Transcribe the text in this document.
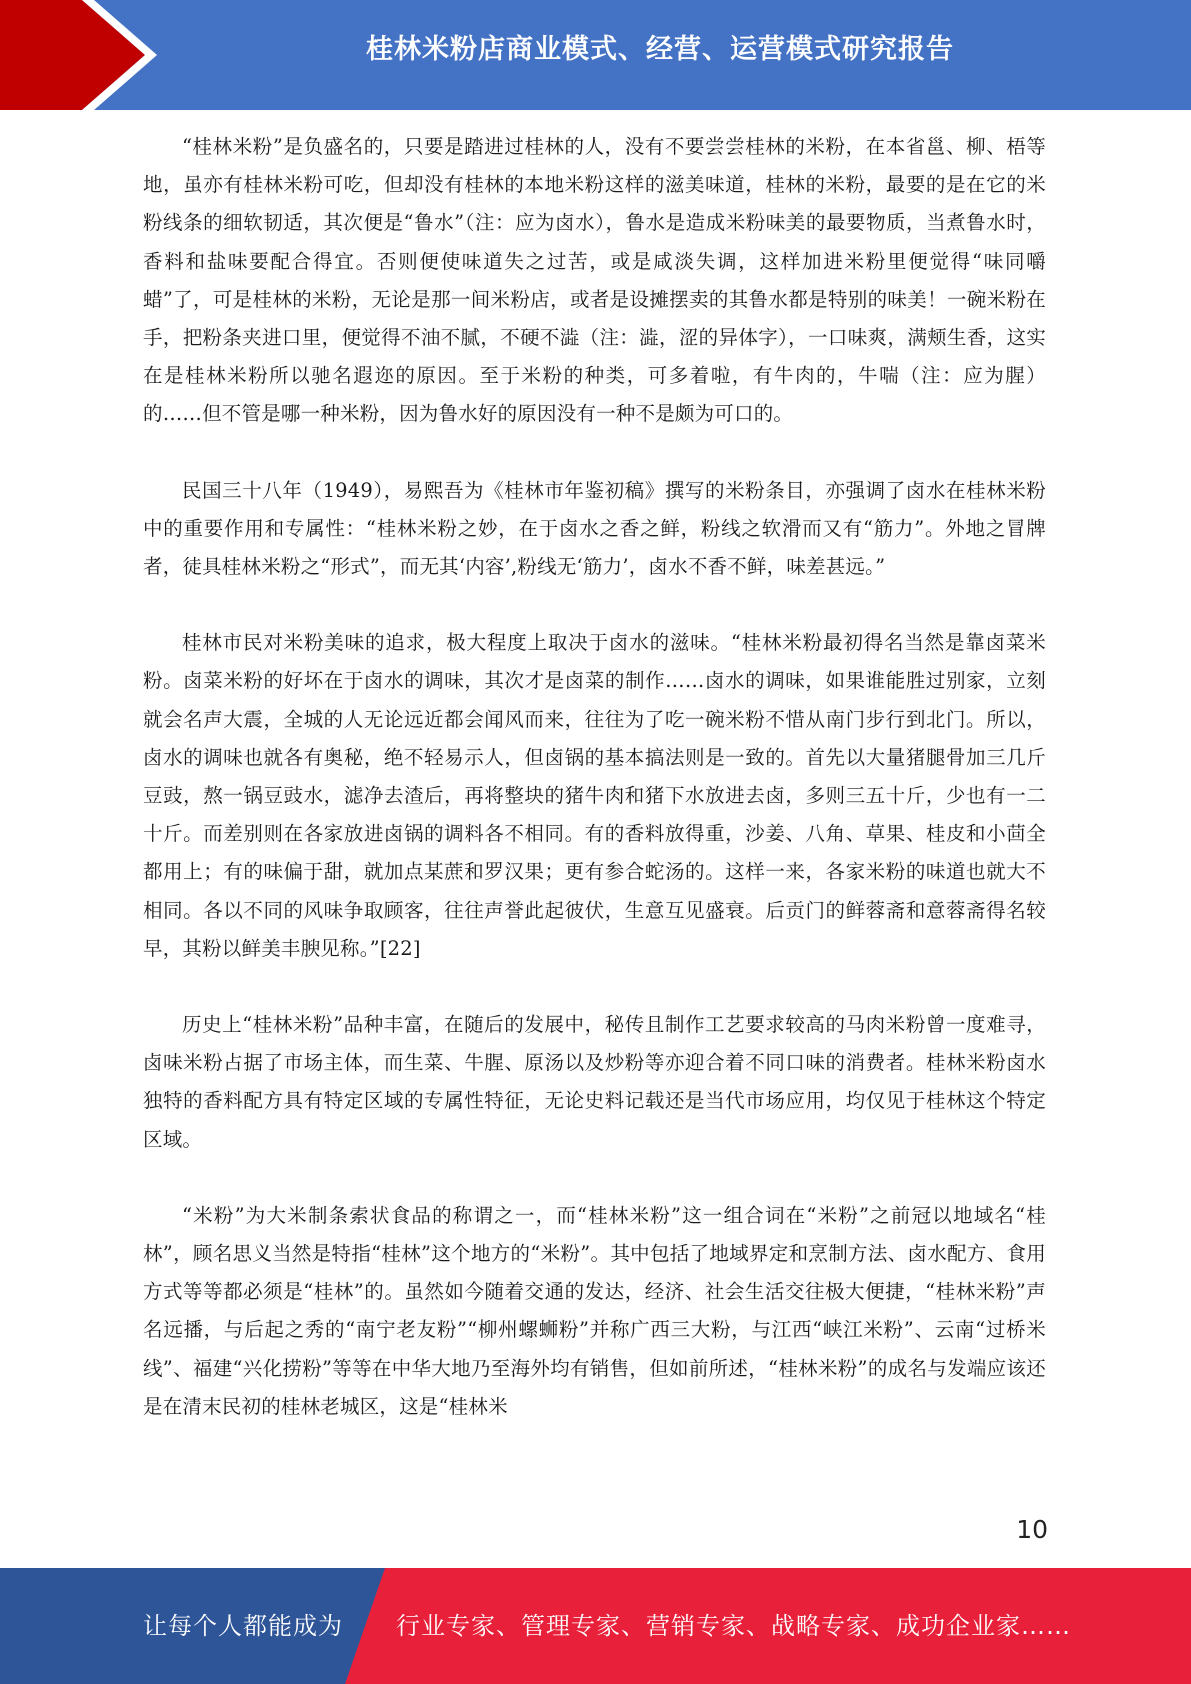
桂林米粉店商业模式、经营、运营模式研究报告

“桂林米粉”是负盛名的，只要是踏进过桂林的人，没有不要尝尝桂林的米粉，在本省邕、柳、梧等地，虽亦有桂林米粉可吃，但却没有桂林的本地米粉这样的滋美味道，桂林的米粉，最要的是在它的米粉线条的细软韧适，其次便是“鲁水”（注：应为卤水），鲁水是造成米粉味美的最要物质，当煮鲁水时，香料和盐味要配合得宜。否则便使味道失之过苦，或是咸淡失调，这样加进米粉里便觉得“味同嚼蜡”了，可是桂林的米粉，无论是那一间米粉店，或者是设摊摆卖的其鲁水都是特别的味美！一碗米粉在手，把粉条夹进口里，便觉得不油不腻，不硬不澁（注：澁，涩的异体字），一口味爽，满颊生香，这实在是桂林米粉所以驰名遐迩的原因。至于米粉的种类，可多着啦，有牛肉的，牛喘（注：应为腥）的……但不管是哪一种米粉，因为鲁水好的原因没有一种不是颇为可口的。

民国三十八年（1949），易熙吾为《桂林市年鉴初稿》撰写的米粉条目，亦强调了卤水在桂林米粉中的重要作用和专属性：“桂林米粉之妙，在于卤水之香之鲜，粉线之软滑而又有“筋力”。外地之冒牌者，徒具桂林米粉之“形式”，而无其‘内容’,粉线无‘筋力’，卤水不香不鲜，味差甚远。”

桂林市民对米粉美味的追求，极大程度上取决于卤水的滋味。“桂林米粉最初得名当然是靠卤菜米粉。卤菜米粉的好坏在于卤水的调味，其次才是卤菜的制作……卤水的调味，如果谁能胜过别家，立刻就会名声大震，全城的人无论远近都会闻风而来，往往为了吃一碗米粉不惜从南门步行到北门。所以，卤水的调味也就各有奥秘，绝不轻易示人，但卤锅的基本搞法则是一致的。首先以大量猪腿骨加三几斤豆豉，熬一锅豆豉水，滤净去渣后，再将整块的猪牛肉和猪下水放进去卤，多则三五十斤，少也有一二十斤。而差别则在各家放进卤锅的调料各不相同。有的香料放得重，沙姜、八角、草果、桂皮和小茴全都用上；有的味偏于甜，就加点某蔗和罗汉果；更有参合蛇汤的。这样一来，各家米粉的味道也就大不相同。各以不同的风味争取顾客，往往声誉此起彼伏，生意互见盛衰。后贡门的鲜蓉斋和意蓉斋得名较早，其粉以鲜美丰腴见称。”[22]

历史上“桂林米粉”品种丰富，在随后的发展中，秘传且制作工艺要求较高的马肉米粉曾一度难寻，卤味米粉占据了市场主体，而生菜、牛腥、原汤以及炒粉等亦迎合着不同口味的消费者。桂林米粉卤水独特的香料配方具有特定区域的专属性特征，无论史料记载还是当代市场应用，均仅见于桂林这个特定区域。

“米粉”为大米制条索状食品的称谓之一，而“桂林米粉”这一组合词在“米粉”之前冠以地域名“桂林”，顾名思义当然是特指“桂林”这个地方的“米粉”。其中包括了地域界定和烹制方法、卤水配方、食用方式等等都必须是“桂林”的。虽然如今随着交通的发达，经济、社会生活交往极大便捷，“桂林米粉”声名远播，与后起之秀的“南宁老友粉”“柳州螺蛳粉”并称广西三大粉，与江西“峡江米粉”、云南“过桥米线”、福建“兴化捞粉”等等在中华大地乃至海外均有销售，但如前所述，“桂林米粉”的成名与发端应该还是在清末民初的桂林老城区，这是“桂林米

10
让每个人都能成为 行业专家、管理专家、营销专家、战略专家、成功企业家……
